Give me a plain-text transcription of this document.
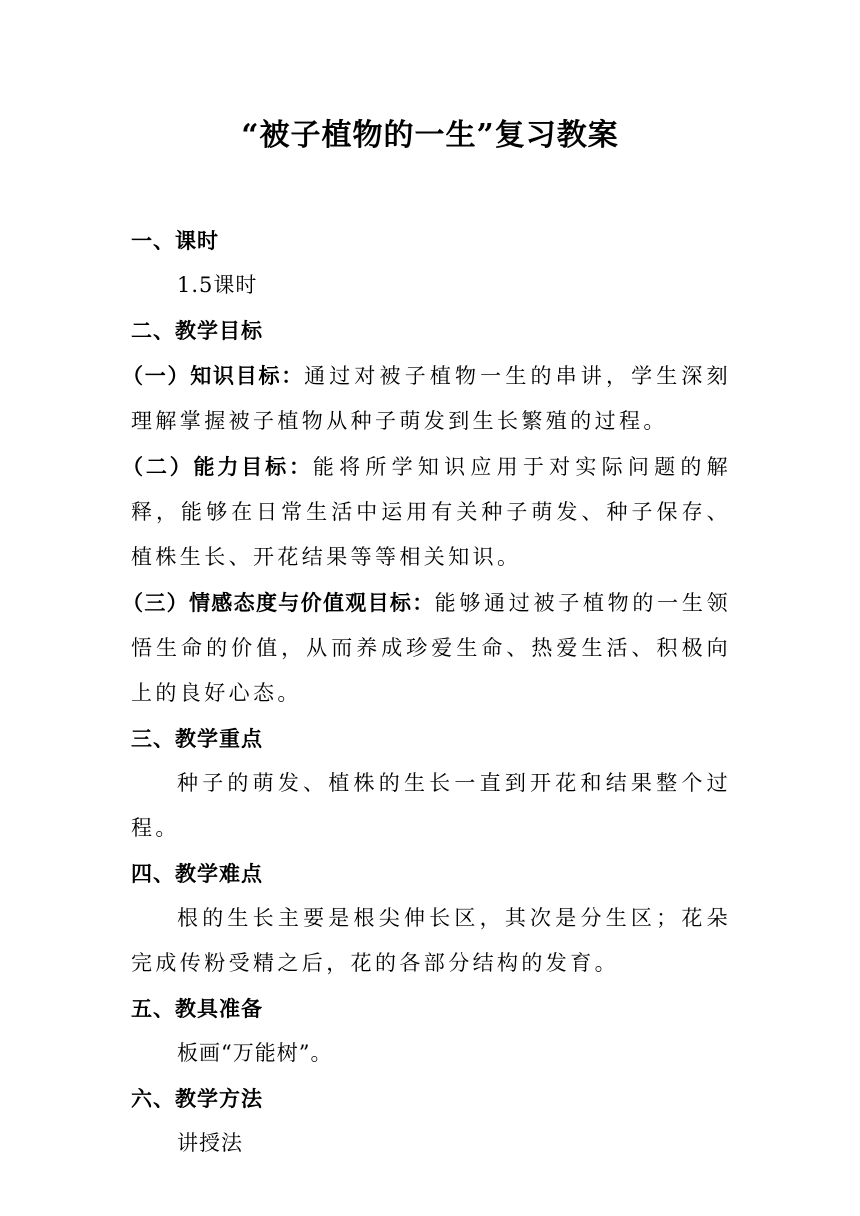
“被子植物的一生”复习教案
一、课时
1.5课时
二、教学目标

（一）知识目标：通过对被子植物一生的串讲，学生深刻理解掌握被子植物从种子萌发到生长繁殖的过程。

（二）能力目标：能将所学知识应用于对实际问题的解释，能够在日常生活中运用有关种子萌发、种子保存、植株生长、开花结果等等相关知识。

（三）情感态度与价值观目标：能够通过被子植物的一生领悟生命的价值，从而养成珍爱生命、热爱生活、积极向上的良好心态。

三、教学重点

种子的萌发、植株的生长一直到开花和结果整个过程。

四、教学难点

根的生长主要是根尖伸长区，其次是分生区；花朵完成传粉受精之后，花的各部分结构的发育。

五、教具准备
板画“万能树”。
六、教学方法
讲授法
